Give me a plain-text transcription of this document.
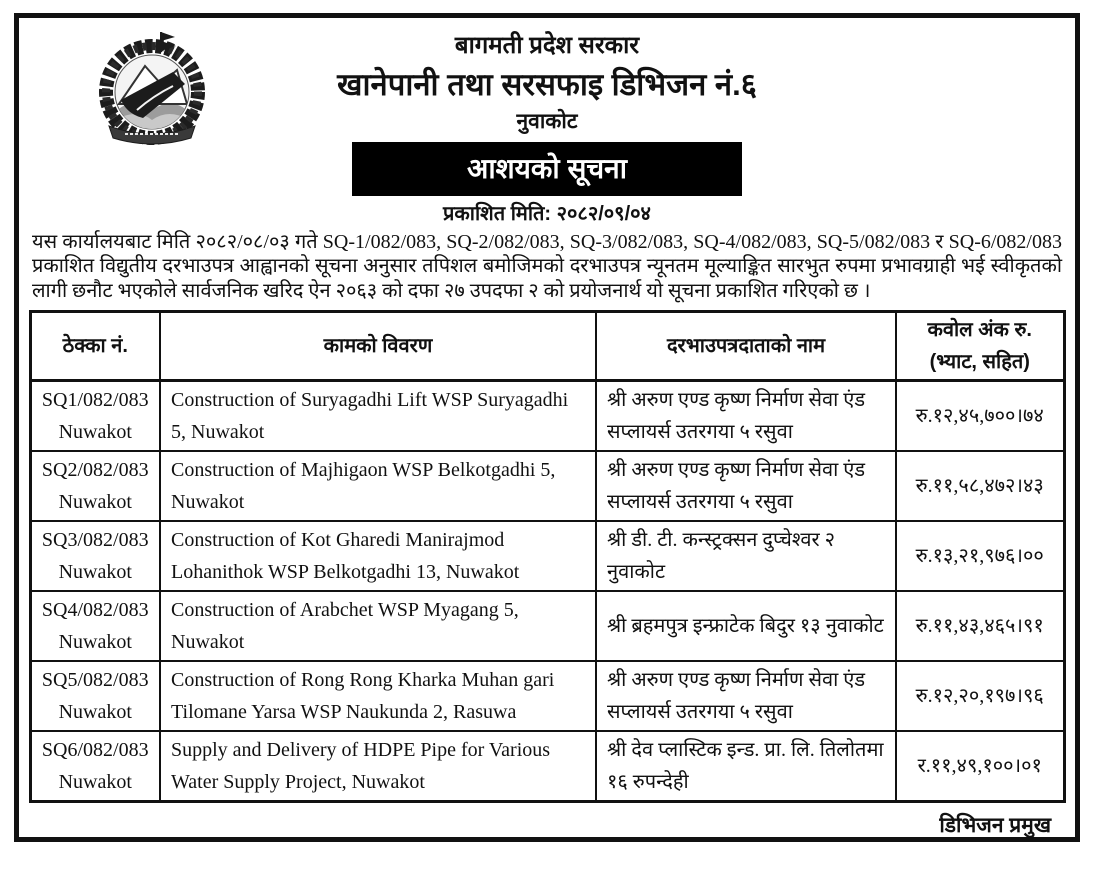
बागमती प्रदेश सरकार
खानेपानी तथा सरसफाइ डिभिजन नं.६
नुवाकोट
आशयको सूचना
प्रकाशित मिति: २०८२/०९/०४
यस कार्यालयबाट मिति २०८२/०८/०३ गते SQ-1/082/083, SQ-2/082/083, SQ-3/082/083, SQ-4/082/083, SQ-5/082/083 र SQ-6/082/083 प्रकाशित विद्युतीय दरभाउपत्र आह्वानको सूचना अनुसार तपिशल बमोजिमको दरभाउपत्र न्यूनतम मूल्याङ्कित सारभुत रुपमा प्रभावग्राही भई स्वीकृतको लागी छनौट भएकोले सार्वजनिक खरिद ऐन २०६३ को दफा २७ उपदफा २ को प्रयोजनार्थ यो सूचना प्रकाशित गरिएको छ ।
ठेक्का नं.	कामको विवरण	दरभाउपत्रदाताको नाम	कवोल अंक रु.
(भ्याट, सहित)

SQ1/082/083
Nuwakot	Construction of Suryagadhi Lift WSP Suryagadhi 5, Nuwakot	श्री अरुण एण्ड कृष्ण निर्माण सेवा एंड सप्लायर्स उतरगया ५ रसुवा	रु.१२,४५,७००।७४

SQ2/082/083
Nuwakot	Construction of Majhigaon WSP Belkotgadhi 5, Nuwakot	श्री अरुण एण्ड कृष्ण निर्माण सेवा एंड सप्लायर्स उतरगया ५ रसुवा	रु.११,५८,४७२।४३

SQ3/082/083
Nuwakot	Construction of Kot Gharedi Manirajmod Lohanithok WSP Belkotgadhi 13, Nuwakot	श्री डी. टी. कन्स्ट्रक्सन दुप्चेश्वर २ नुवाकोट	रु.१३,२१,९७६।००

SQ4/082/083
Nuwakot	Construction of Arabchet WSP Myagang 5, Nuwakot	श्री ब्रहमपुत्र इन्फ्राटेक बिदुर १३ नुवाकोट	रु.११,४३,४६५।९१

SQ5/082/083
Nuwakot	Construction of Rong Rong Kharka Muhan gari Tilomane Yarsa WSP Naukunda 2, Rasuwa	श्री अरुण एण्ड कृष्ण निर्माण सेवा एंड सप्लायर्स उतरगया ५ रसुवा	रु.१२,२०,१९७।९६

SQ6/082/083
Nuwakot	Supply and Delivery of HDPE Pipe for Various Water Supply Project, Nuwakot	श्री देव प्लास्टिक इन्ड. प्रा. लि. तिलोतमा १६ रुपन्देही	र.११,४९,१००।०१
डिभिजन प्रमुख
